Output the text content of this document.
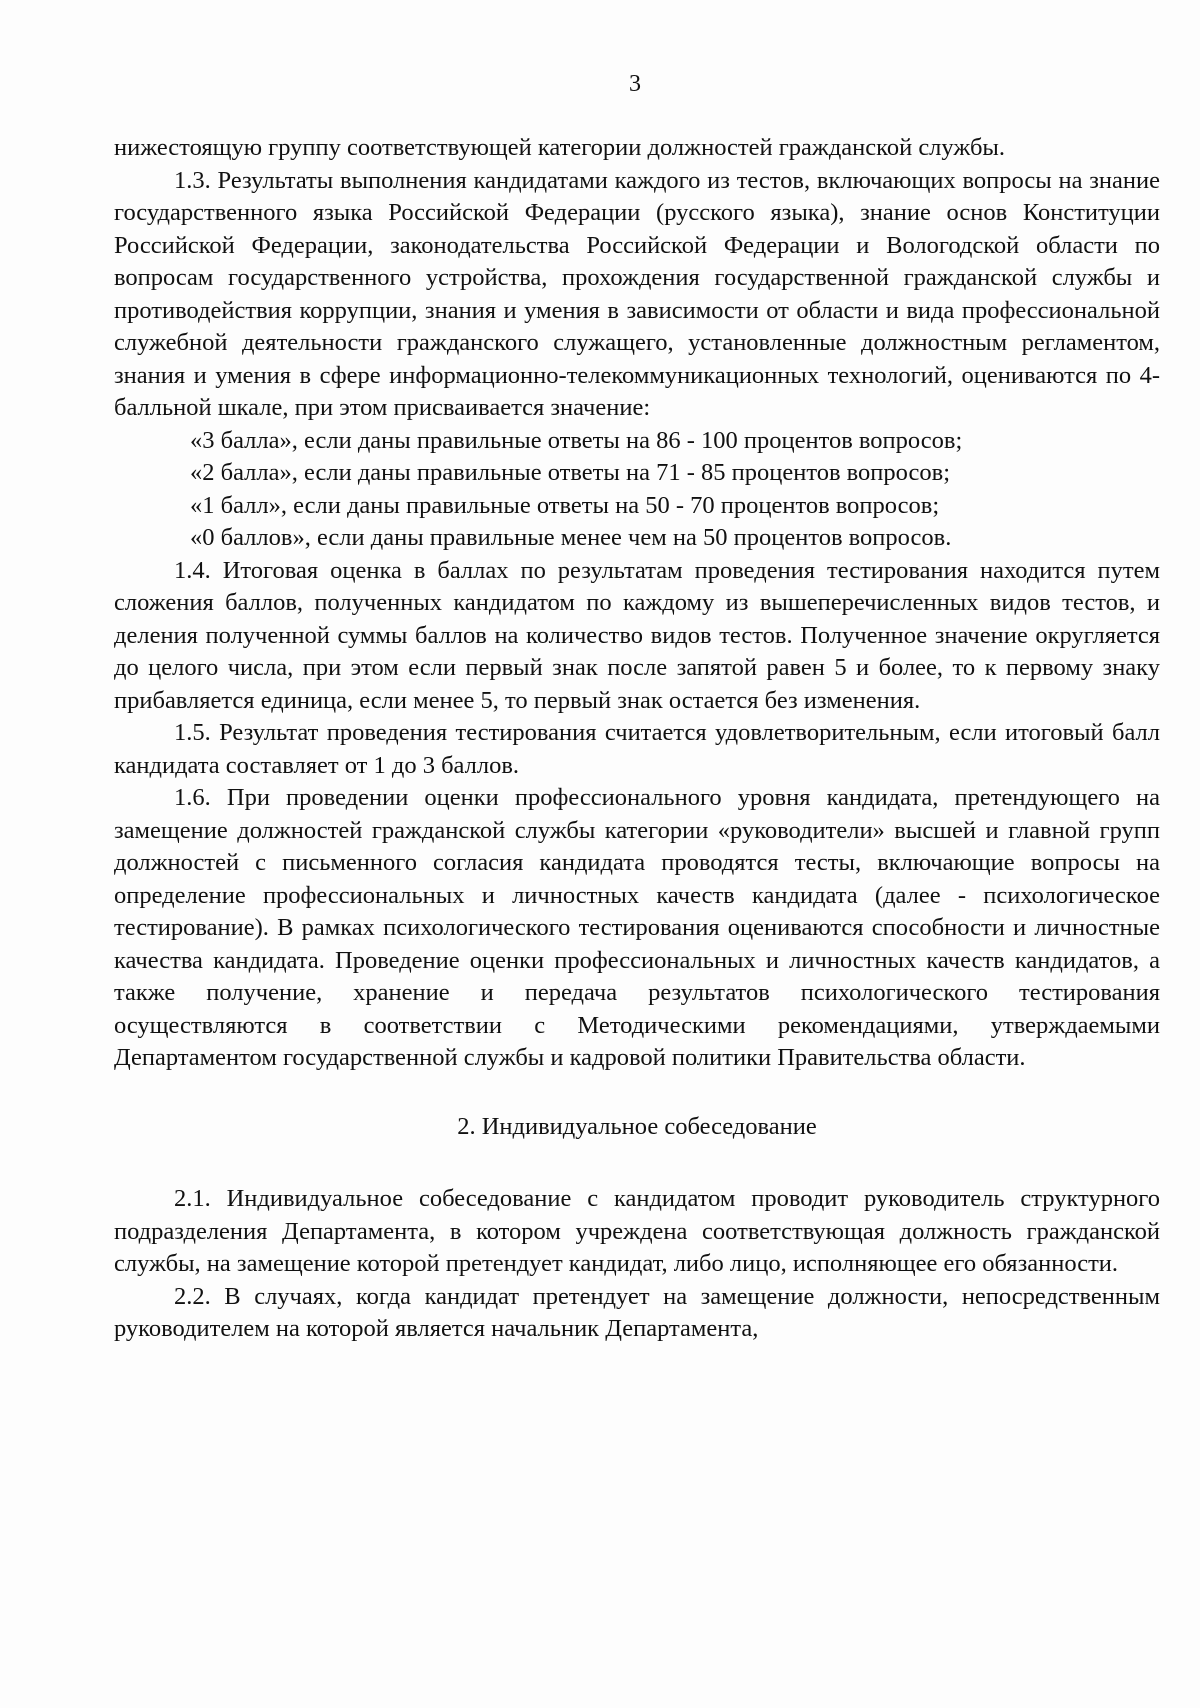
3

нижестоящую группу соответствующей категории должностей гражданской службы.

1.3. Результаты выполнения кандидатами каждого из тестов, включающих вопросы на знание государственного языка Российской Федерации (русского языка), знание основ Конституции Российской Федерации, законодательства Российской Федерации и Вологодской области по вопросам государственного устройства, прохождения государственной гражданской службы и противодействия коррупции, знания и умения в зависимости от области и вида профессиональной служебной деятельности гражданского служащего, установленные должностным регламентом, знания и умения в сфере информационно-телекоммуникационных технологий, оцениваются по 4-балльной шкале, при этом присваивается значение:

«3 балла», если даны правильные ответы на 86 - 100 процентов вопросов;

«2 балла», если даны правильные ответы на 71 - 85 процентов вопросов;

«1 балл», если даны правильные ответы на 50 - 70 процентов вопросов;

«0 баллов», если даны правильные менее чем на 50 процентов вопросов.

1.4. Итоговая оценка в баллах по результатам проведения тестирования находится путем сложения баллов, полученных кандидатом по каждому из вышеперечисленных видов тестов, и деления полученной суммы баллов на количество видов тестов. Полученное значение округляется до целого числа, при этом если первый знак после запятой равен 5 и более, то к первому знаку прибавляется единица, если менее 5, то первый знак остается без изменения.

1.5. Результат проведения тестирования считается удовлетворительным, если итоговый балл кандидата составляет от 1 до 3 баллов.

1.6. При проведении оценки профессионального уровня кандидата, претендующего на замещение должностей гражданской службы категории «руководители» высшей и главной групп должностей с письменного согласия кандидата проводятся тесты, включающие вопросы на определение профессиональных и личностных качеств кандидата (далее - психологическое тестирование). В рамках психологического тестирования оцениваются способности и личностные качества кандидата. Проведение оценки профессиональных и личностных качеств кандидатов, а также получение, хранение и передача результатов психологического тестирования осуществляются в соответствии с Методическими рекомендациями, утверждаемыми Департаментом государственной службы и кадровой политики Правительства области.

2. Индивидуальное собеседование

2.1. Индивидуальное собеседование с кандидатом проводит руководитель структурного подразделения Департамента, в котором учреждена соответствующая должность гражданской службы, на замещение которой претендует кандидат, либо лицо, исполняющее его обязанности.

2.2. В случаях, когда кандидат претендует на замещение должности, непосредственным руководителем на которой является начальник Департамента,
